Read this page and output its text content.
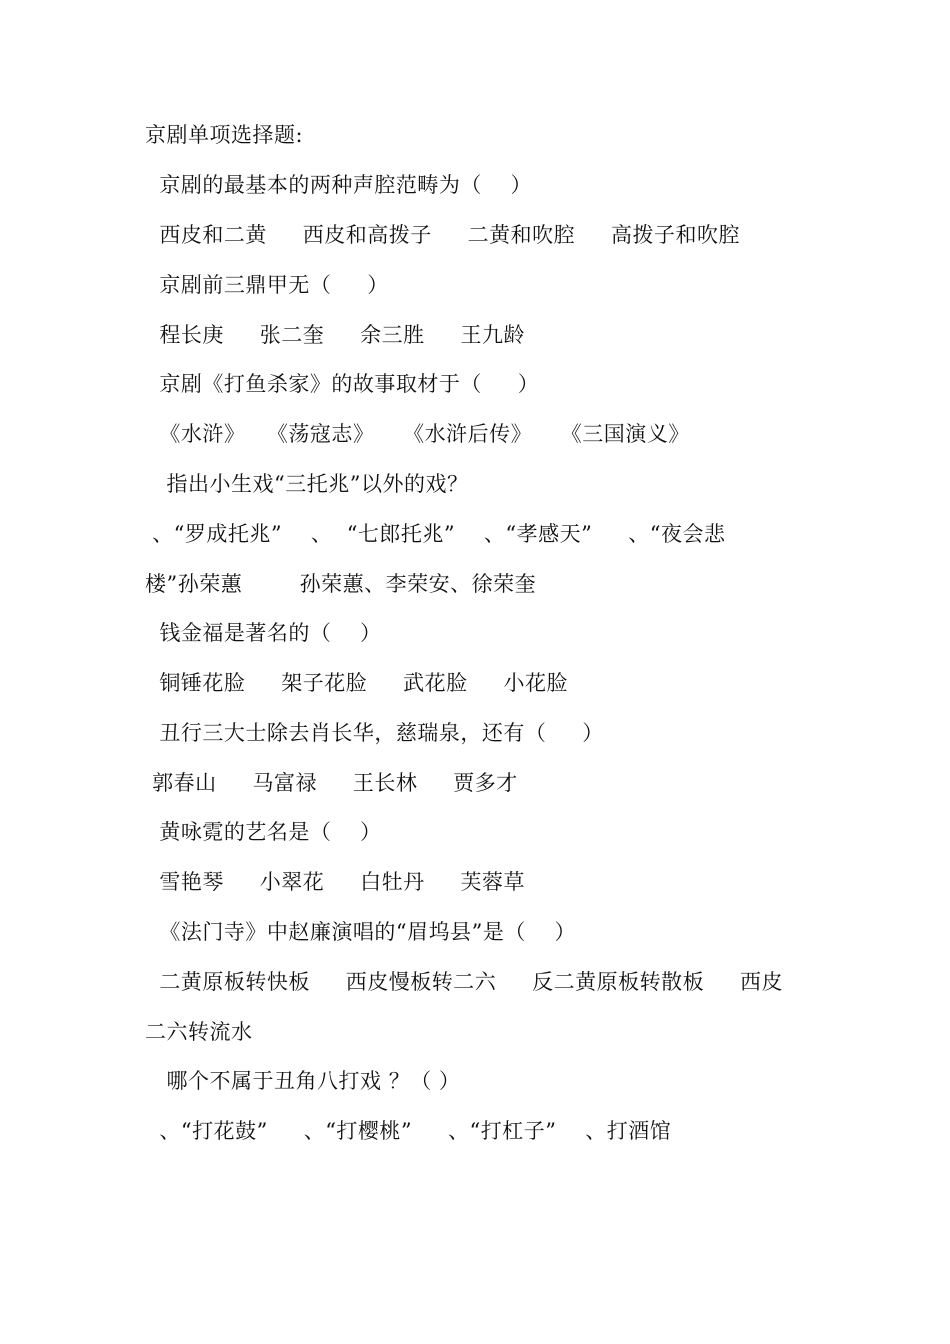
京剧单项选择题:
京剧的最基本的两种声腔范畴为（    ）
西皮和二黄     西皮和高拨子     二黄和吹腔     高拨子和吹腔
京剧前三鼎甲无（     ）
程长庚     张二奎     余三胜     王九龄
京剧《打鱼杀家》的故事取材于（     ）
《水浒》   《荡寇志》    《水浒后传》    《三国演义》
指出小生戏“三托兆”以外的戏？
、“罗成托兆”    、  “七郎托兆”    、“孝感天”     、“夜会悲
楼”孙荣蕙        孙荣蕙、李荣安、徐荣奎
钱金福是著名的（    ）
铜锤花脸     架子花脸     武花脸     小花脸
丑行三大士除去肖长华，慈瑞泉，还有（     ）
郭春山     马富禄     王长林     贾多才
黄咏霓的艺名是（    ）
雪艳琴     小翠花     白牡丹     芙蓉草
《法门寺》中赵廉演唱的“眉坞县”是（    ）
二黄原板转快板     西皮慢板转二六     反二黄原板转散板     西皮
二六转流水
哪个不属于丑角八打戏 ？（ ）
、“打花鼓”     、“打樱桃”     、“打杠子”    、打酒馆
